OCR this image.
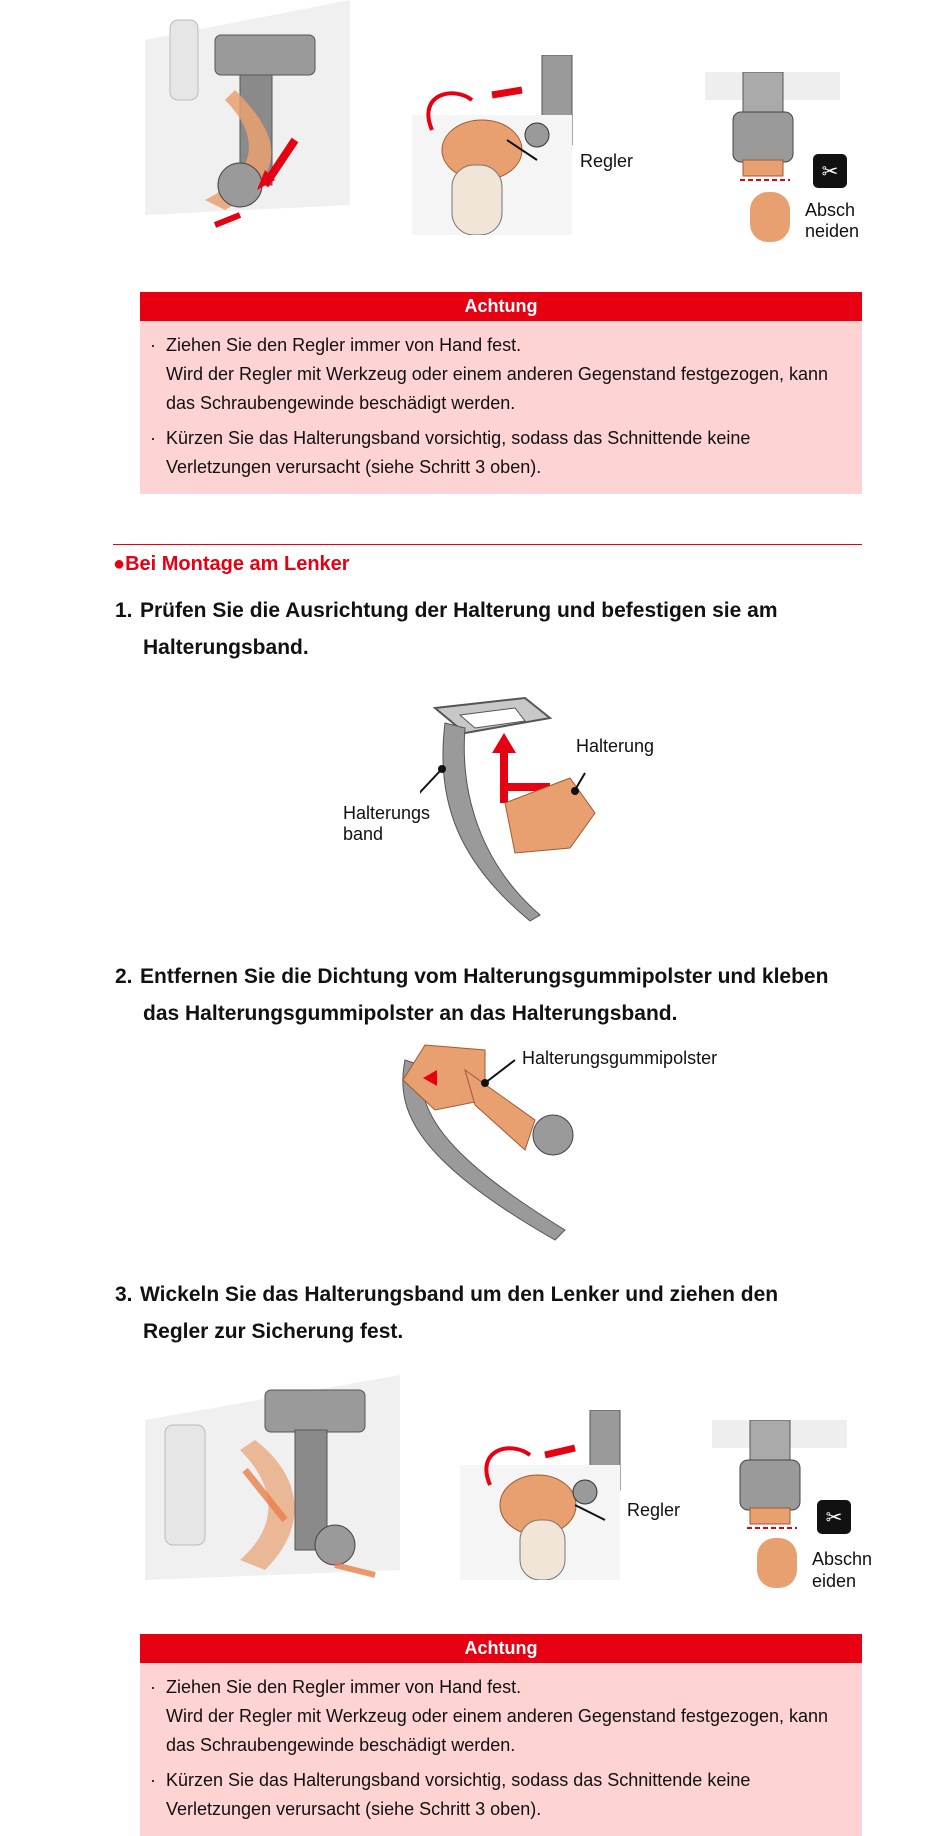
Regler	✂
Absch
neiden
Achtung
· Ziehen Sie den Regler immer von Hand fest.
Wird der Regler mit Werkzeug oder einem anderen Gegenstand festgezogen, kann
das Schraubengewinde beschädigt werden.
· Kürzen Sie das Halterungsband vorsichtig, sodass das Schnittende keine
Verletzungen verursacht (siehe Schritt 3 oben).
●Bei Montage am Lenker
1. Prüfen Sie die Ausrichtung der Halterung und befestigen sie am
Halterungsband.
Halterung
Halterungs
band
2. Entfernen Sie die Dichtung vom Halterungsgummipolster und kleben
das Halterungsgummipolster an das Halterungsband.
Halterungsgummipolster
3. Wickeln Sie das Halterungsband um den Lenker und ziehen den
Regler zur Sicherung fest.
Regler	✂
Abschn
eiden
Achtung
· Ziehen Sie den Regler immer von Hand fest.
Wird der Regler mit Werkzeug oder einem anderen Gegenstand festgezogen, kann
das Schraubengewinde beschädigt werden.
· Kürzen Sie das Halterungsband vorsichtig, sodass das Schnittende keine
Verletzungen verursacht (siehe Schritt 3 oben).
